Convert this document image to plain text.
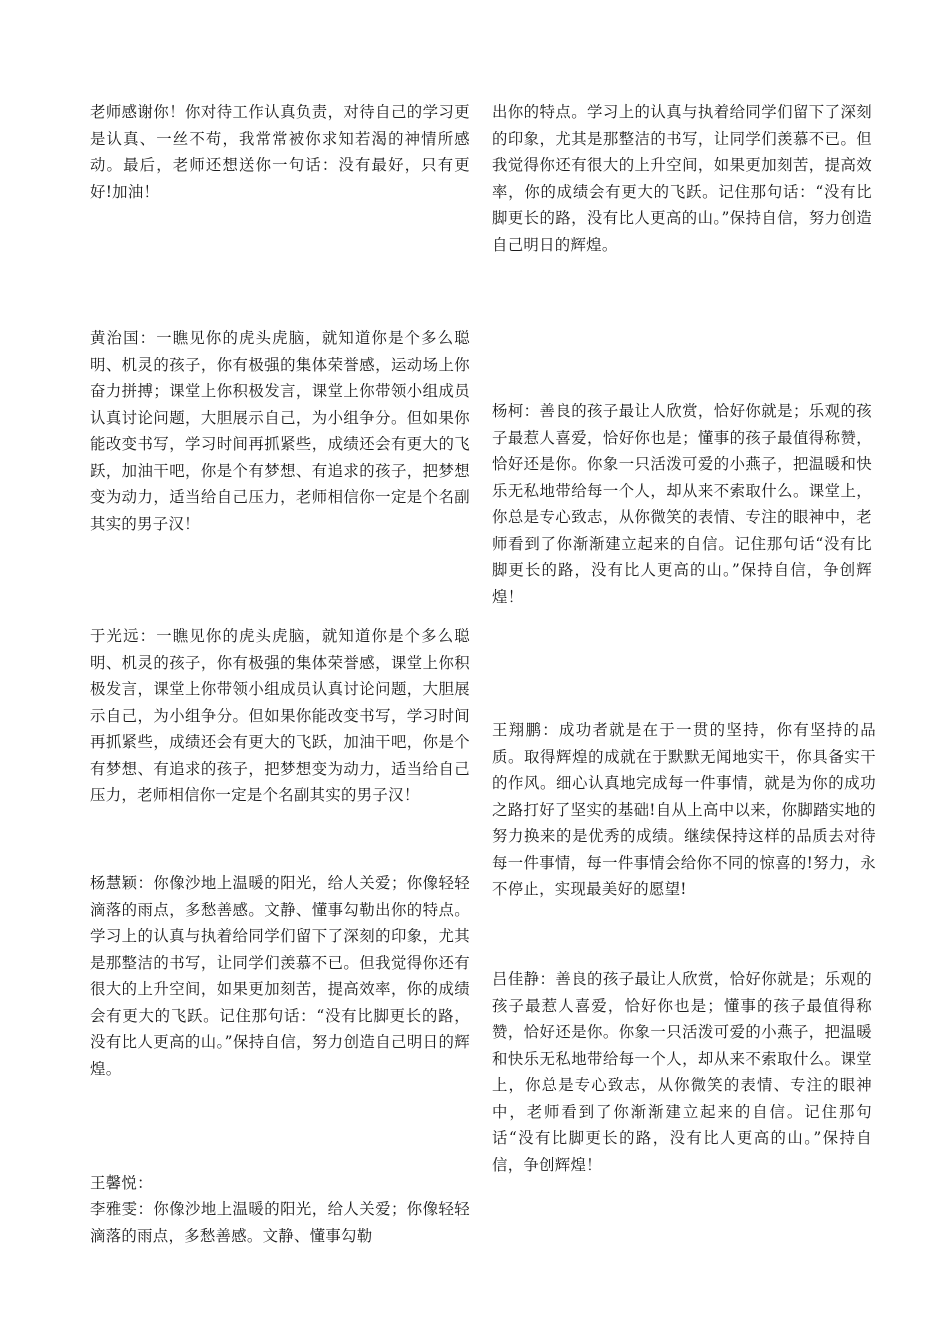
老师感谢你！你对待工作认真负责，对待自己的学习更是认真、一丝不苟，我常常被你求知若渴的神情所感动。最后，老师还想送你一句话：没有最好，只有更好!加油！

黄治国：一瞧见你的虎头虎脑，就知道你是个多么聪明、机灵的孩子，你有极强的集体荣誉感，运动场上你奋力拼搏；课堂上你积极发言，课堂上你带领小组成员认真讨论问题，大胆展示自己，为小组争分。但如果你能改变书写，学习时间再抓紧些，成绩还会有更大的飞跃，加油干吧，你是个有梦想、有追求的孩子，把梦想变为动力，适当给自己压力，老师相信你一定是个名副其实的男子汉！

于光远：一瞧见你的虎头虎脑，就知道你是个多么聪明、机灵的孩子，你有极强的集体荣誉感，课堂上你积极发言，课堂上你带领小组成员认真讨论问题，大胆展示自己，为小组争分。但如果你能改变书写，学习时间再抓紧些，成绩还会有更大的飞跃，加油干吧，你是个有梦想、有追求的孩子，把梦想变为动力，适当给自己压力，老师相信你一定是个名副其实的男子汉！

杨慧颖：你像沙地上温暖的阳光，给人关爱；你像轻轻滴落的雨点，多愁善感。文静、懂事勾勒出你的特点。学习上的认真与执着给同学们留下了深刻的印象，尤其是那整洁的书写，让同学们羡慕不已。但我觉得你还有很大的上升空间，如果更加刻苦，提高效率，你的成绩会有更大的飞跃。记住那句话：“没有比脚更长的路，没有比人更高的山。”保持自信，努力创造自己明日的辉煌。

王馨悦：

李雅雯：你像沙地上温暖的阳光，给人关爱；你像轻轻滴落的雨点，多愁善感。文静、懂事勾勒

出你的特点。学习上的认真与执着给同学们留下了深刻的印象，尤其是那整洁的书写，让同学们羡慕不已。但我觉得你还有很大的上升空间，如果更加刻苦，提高效率，你的成绩会有更大的飞跃。记住那句话：“没有比脚更长的路，没有比人更高的山。”保持自信，努力创造自己明日的辉煌。

杨柯：善良的孩子最让人欣赏，恰好你就是；乐观的孩子最惹人喜爱，恰好你也是；懂事的孩子最值得称赞，恰好还是你。你象一只活泼可爱的小燕子，把温暖和快乐无私地带给每一个人，却从来不索取什么。课堂上，你总是专心致志，从你微笑的表情、专注的眼神中，老师看到了你渐渐建立起来的自信。记住那句话“没有比脚更长的路，没有比人更高的山。”保持自信，争创辉煌！

王翔鹏：成功者就是在于一贯的坚持，你有坚持的品质。取得辉煌的成就在于默默无闻地实干，你具备实干的作风。细心认真地完成每一件事情，就是为你的成功之路打好了坚实的基础!自从上高中以来，你脚踏实地的努力换来的是优秀的成绩。继续保持这样的品质去对待每一件事情，每一件事情会给你不同的惊喜的!努力，永不停止，实现最美好的愿望!

吕佳静：善良的孩子最让人欣赏，恰好你就是；乐观的孩子最惹人喜爱，恰好你也是；懂事的孩子最值得称赞，恰好还是你。你象一只活泼可爱的小燕子，把温暖和快乐无私地带给每一个人，却从来不索取什么。课堂上，你总是专心致志，从你微笑的表情、专注的眼神中，老师看到了你渐渐建立起来的自信。记住那句话“没有比脚更长的路，没有比人更高的山。”保持自信，争创辉煌！
